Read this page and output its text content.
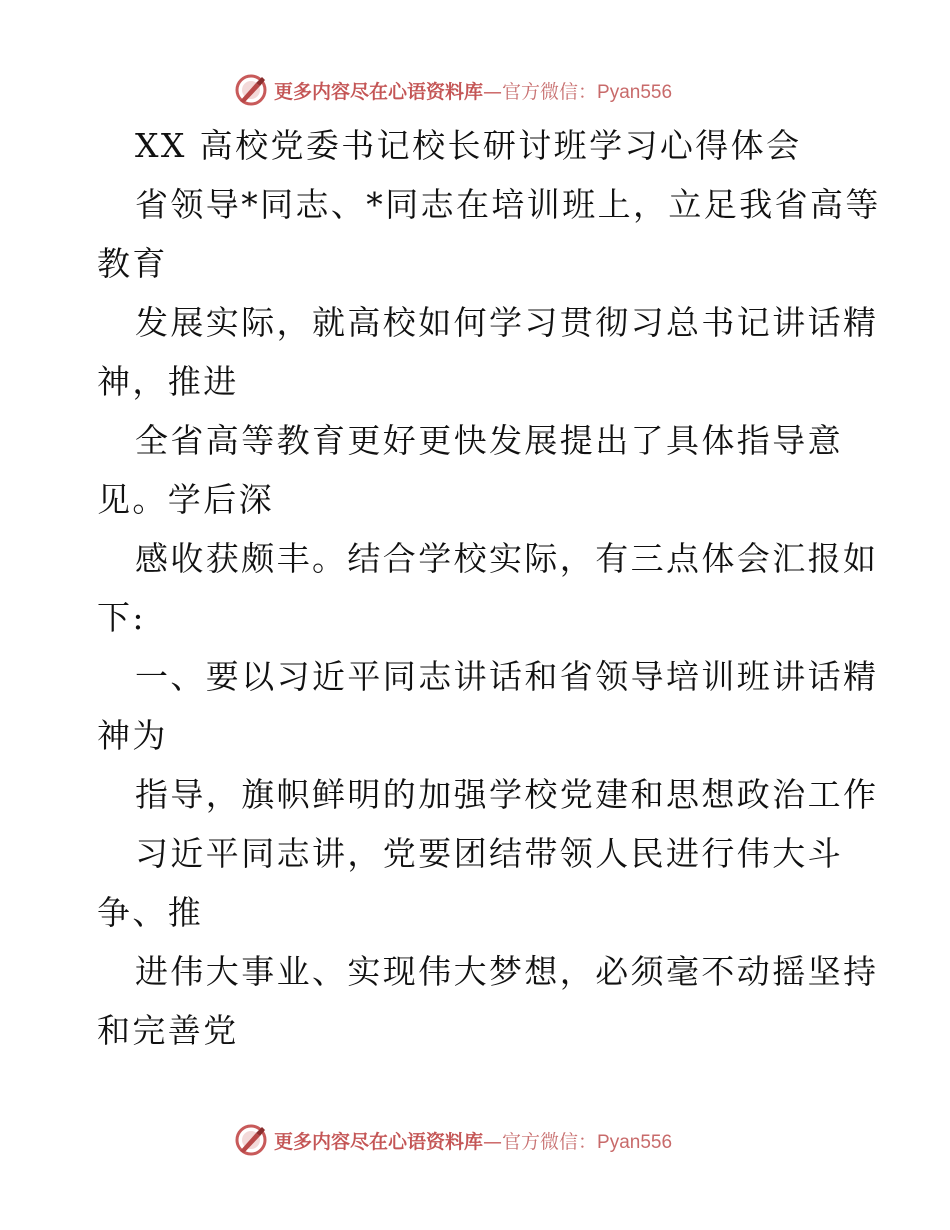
更多内容尽在心语资料库—官方微信：Pyan556
XX 高校党委书记校长研讨班学习心得体会
省领导*同志、*同志在培训班上，立足我省高等
教育
发展实际，就高校如何学习贯彻习总书记讲话精
神，推进
全省高等教育更好更快发展提出了具体指导意
见。学后深
感收获颇丰。结合学校实际，有三点体会汇报如
下:
一、要以习近平同志讲话和省领导培训班讲话精
神为
指导，旗帜鲜明的加强学校党建和思想政治工作
习近平同志讲，党要团结带领人民进行伟大斗
争、推
进伟大事业、实现伟大梦想，必须毫不动摇坚持
和完善党
更多内容尽在心语资料库—官方微信：Pyan556
